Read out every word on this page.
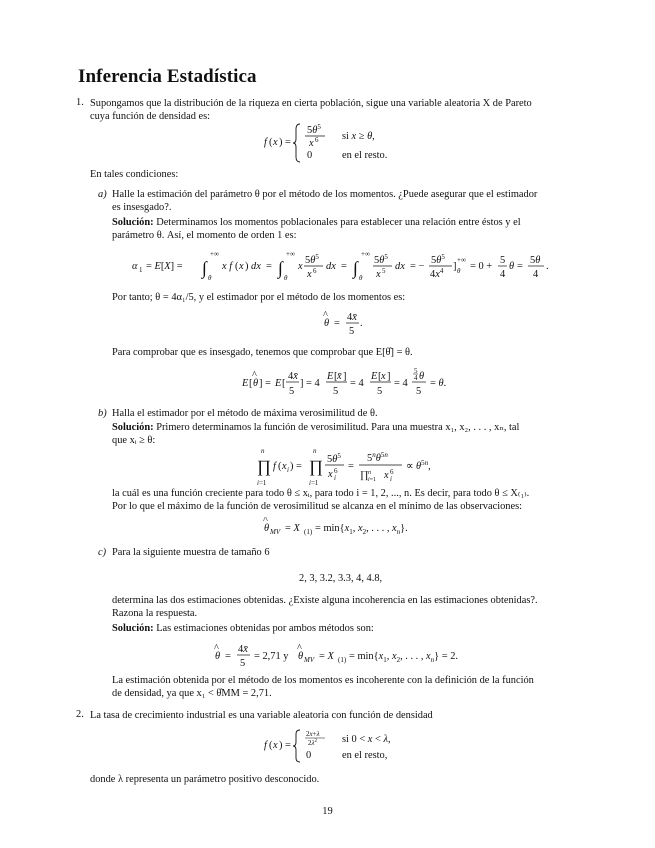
Inferencia Estadística
1. Supongamos que la distribución de la riqueza en cierta población, sigue una variable aleatoria X de Pareto
cuya función de densidad es:
f ( x ) =
$5\theta^5$
x 6 si x ≥ θ,
0	en el resto.
En tales condiciones:
a) Halle la estimación del parámetro θ por el método de los momentos. ¿Puede asegurar que el estimador
es insesgado?.
Solución: Determinamos los momentos poblacionales para establecer una relación entre éstos y el
parámetro θ. Así, el momento de orden 1 es:
α 1 = E[X] = ∫
+∞
θ
x f ( x ) dx = ∫
+∞
θ
x
$5\theta^5$
x 6 dx = ∫
+∞
θ
$5\theta^5$
x 5 dx = −
$5\theta^5$
$4x^4$ ]
+∞
θ = 0 +
5
4
θ =
5θ
4
.
Por tanto; θ = 4α₁/5, y el estimador por el método de los momentos es:
θ
^
=
4x̄
5
.
Para comprobar que es insesgado, tenemos que comprobar que E[θ̂] = θ.
E [ θ
^
] = E [
4x̄
5
] = 4
E [ x̄ ]
5
= 4
E [ x ]
5
= 4
5
4 θ
5
= θ.
b) Halla el estimador por el método de máxima verosimilitud de θ.
Solución: Primero determinamos la función de verosimilitud. Para una muestra x₁, x₂, . . . , xₙ, tal
que xᵢ ≥ θ:
n
∏
i=1
f ( x i ) =
n
∏
i=1
$5\theta^5$
x i
6 =
$5^n\theta^{5n}$
∏ n
i=1 x i
$6 \propto \theta^{5n}$,
la cuál es una función creciente para todo θ ≤ xᵢ, para todo i = 1, 2, ..., n. Es decir, para todo θ ≤ X₍₁₎.
Por lo que el máximo de la función de verosimilitud se alcanza en el mínimo de las observaciones:
θ
^
MV = X $(1) = \min\{x_1$, $x_2$, . . . , $x_n$}.
c) Para la siguiente muestra de tamaño 6
2, 3, 3.2, 3.3, 4, 4.8,
determina las dos estimaciones obtenidas. ¿Existe alguna incoherencia en las estimaciones obtenidas?.
Razona la respuesta.
Solución: Las estimaciones obtenidas por ambos métodos son:
θ
^
=
4x̄
5
= 2,71 y θ
^
MV = X $(1) = \min\{x_1$, $x_2$, . . . , $x_n\} = 2$.
La estimación obtenida por el método de los momentos es incoherente con la definición de la función
de densidad, ya que x₁ < θ̂MM = 2,71.
2. La tasa de crecimiento industrial es una variable aleatoria con función de densidad
f ( x ) =
2x+λ
$2\lambda^2$ si 0 < x < λ,
0	en el resto,
donde λ representa un parámetro positivo desconocido.
19
